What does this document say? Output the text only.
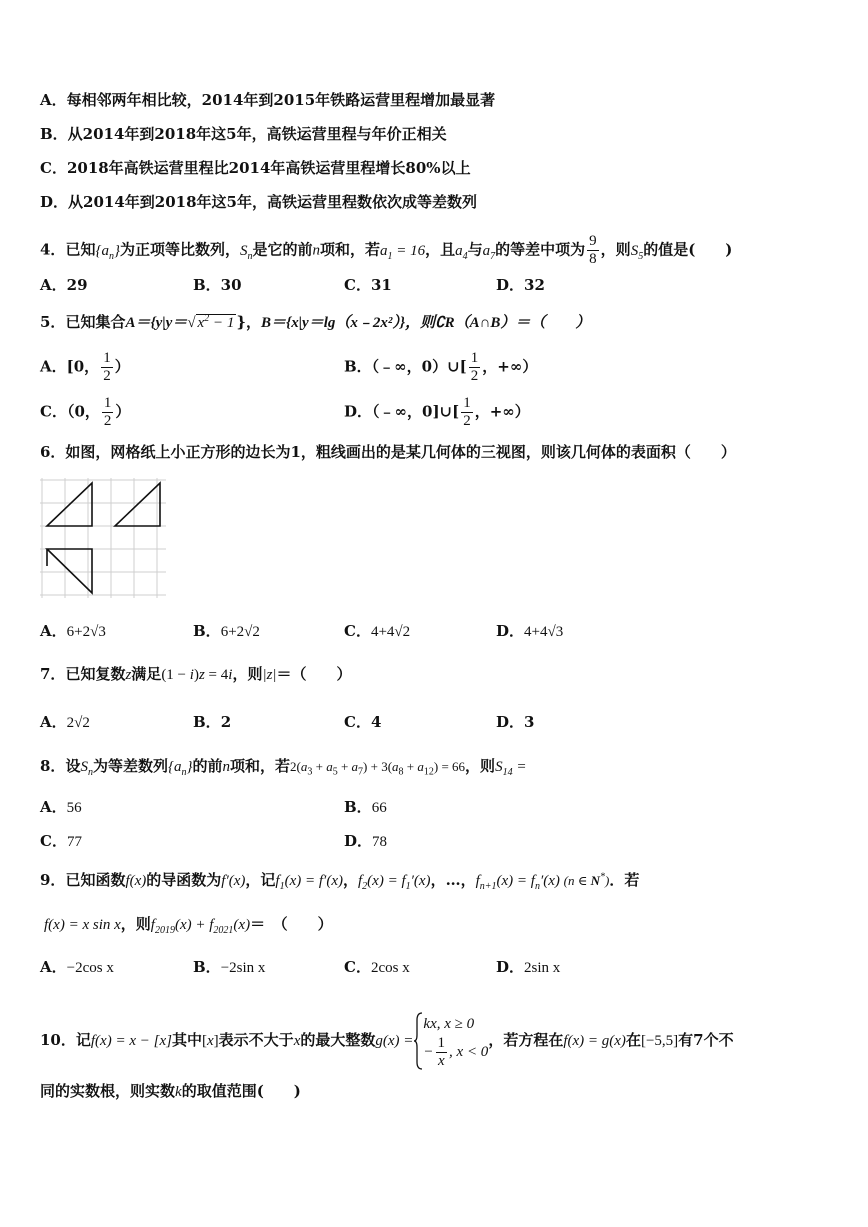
A．每相邻两年相比较，2014年到2015年铁路运营里程增加最显著
B．从2014年到2018年这5年，高铁运营里程与年价正相关
C．2018年高铁运营里程比2014年高铁运营里程增长80%以上
D．从2014年到2018年这5年，高铁运营里程数依次成等差数列
4．已知$\{a_n\}$为正项等比数列，$S_n$是它的前n项和，若$a_1 = 16$，且$a_4$与$a_7$的等差中项为 $\frac{9}{8}$ ，则$S_5$的值是(　　)
A．29	B．30	C．31	D．32
5．已知集合A＝{y|y＝√ $x^2 - 1$ }，B＝{x|y＝lg（x﹣2x²）}，则∁R（A∩B）＝（　　）
A．[0， $\frac{1}{2}$ ）	B．（﹣∞，0）∪[ $\frac{1}{2}$ ，+∞）
C．（0， $\frac{1}{2}$ ）	D．（﹣∞，0]∪[ $\frac{1}{2}$ ，+∞）
6．如图，网格纸上小正方形的边长为1，粗线画出的是某几何体的三视图，则该几何体的表面积（　　）
A．6+2√3	B．6+2√2	C．4+4√2	D．4+4√3
7．已知复数z满足(1 − i)z = 4i，则|z|＝（　　）
A．2√2	B．2	C．4	D．3
8．设$S_n$为等差数列$\{a_n\}$的前n项和，若$2(a_3 + a_5 + a_7) + 3(a_8 + a_{12}) = 66$，则$S_{14}$ =
A．56	B．66
C．77	D．78
9．已知函数f(x)的导函数为f′(x)，记$f_1(x) = f'(x)$，$f_2(x) = f_1'(x)$，…，$f_{n+1}(x) = f_n'(x)$ (n ∈ N*)．若
f(x) = x sin x，则$f_{2019}(x) + f_{2021}(x)=$　（　　）
A．−2cos x	B．−2sin x	C．2cos x	D．2sin x
10．记f(x) = x − [x]其中[x]表示不大于x的最大整数g(x) =
kx, x ≥ 0
− $\frac{1}{x}$ , x < 0
，若方程在f(x) = g(x)在[−5,5]有7个不
同的实数根，则实数k的取值范围(　　)
